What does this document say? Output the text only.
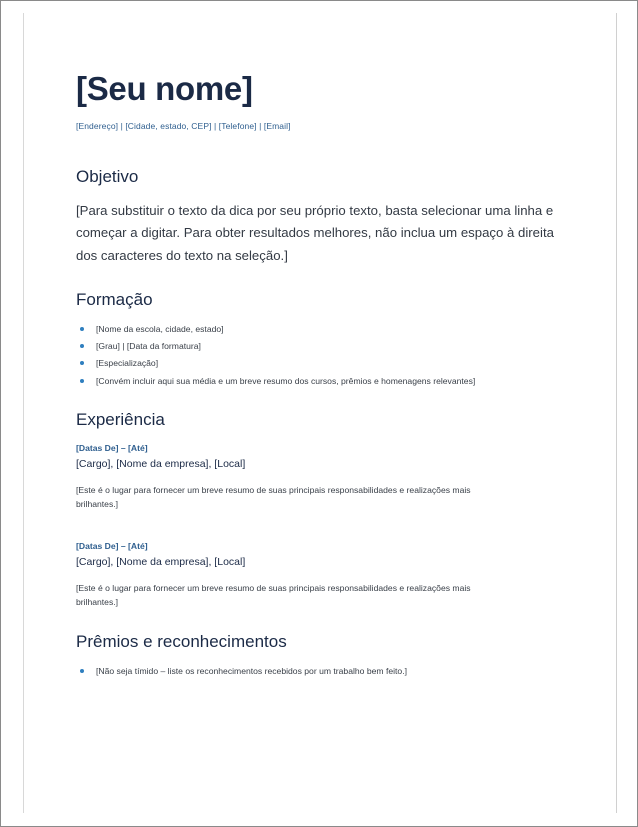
[Seu nome]

[Endereço] | [Cidade, estado, CEP] | [Telefone] | [Email]

Objetivo

[Para substituir o texto da dica por seu próprio texto, basta selecionar uma linha e começar a digitar. Para obter resultados melhores, não inclua um espaço à direita dos caracteres do texto na seleção.]

Formação
[Nome da escola, cidade, estado]
[Grau] | [Data da formatura]
[Especialização]
[Convém incluir aqui sua média e um breve resumo dos cursos, prêmios e homenagens relevantes]
Experiência

[Datas De] – [Até]

[Cargo], [Nome da empresa], [Local]

[Este é o lugar para fornecer um breve resumo de suas principais responsabilidades e realizações mais brilhantes.]

[Datas De] – [Até]

[Cargo], [Nome da empresa], [Local]

[Este é o lugar para fornecer um breve resumo de suas principais responsabilidades e realizações mais brilhantes.]

Prêmios e reconhecimentos
[Não seja tímido – liste os reconhecimentos recebidos por um trabalho bem feito.]
